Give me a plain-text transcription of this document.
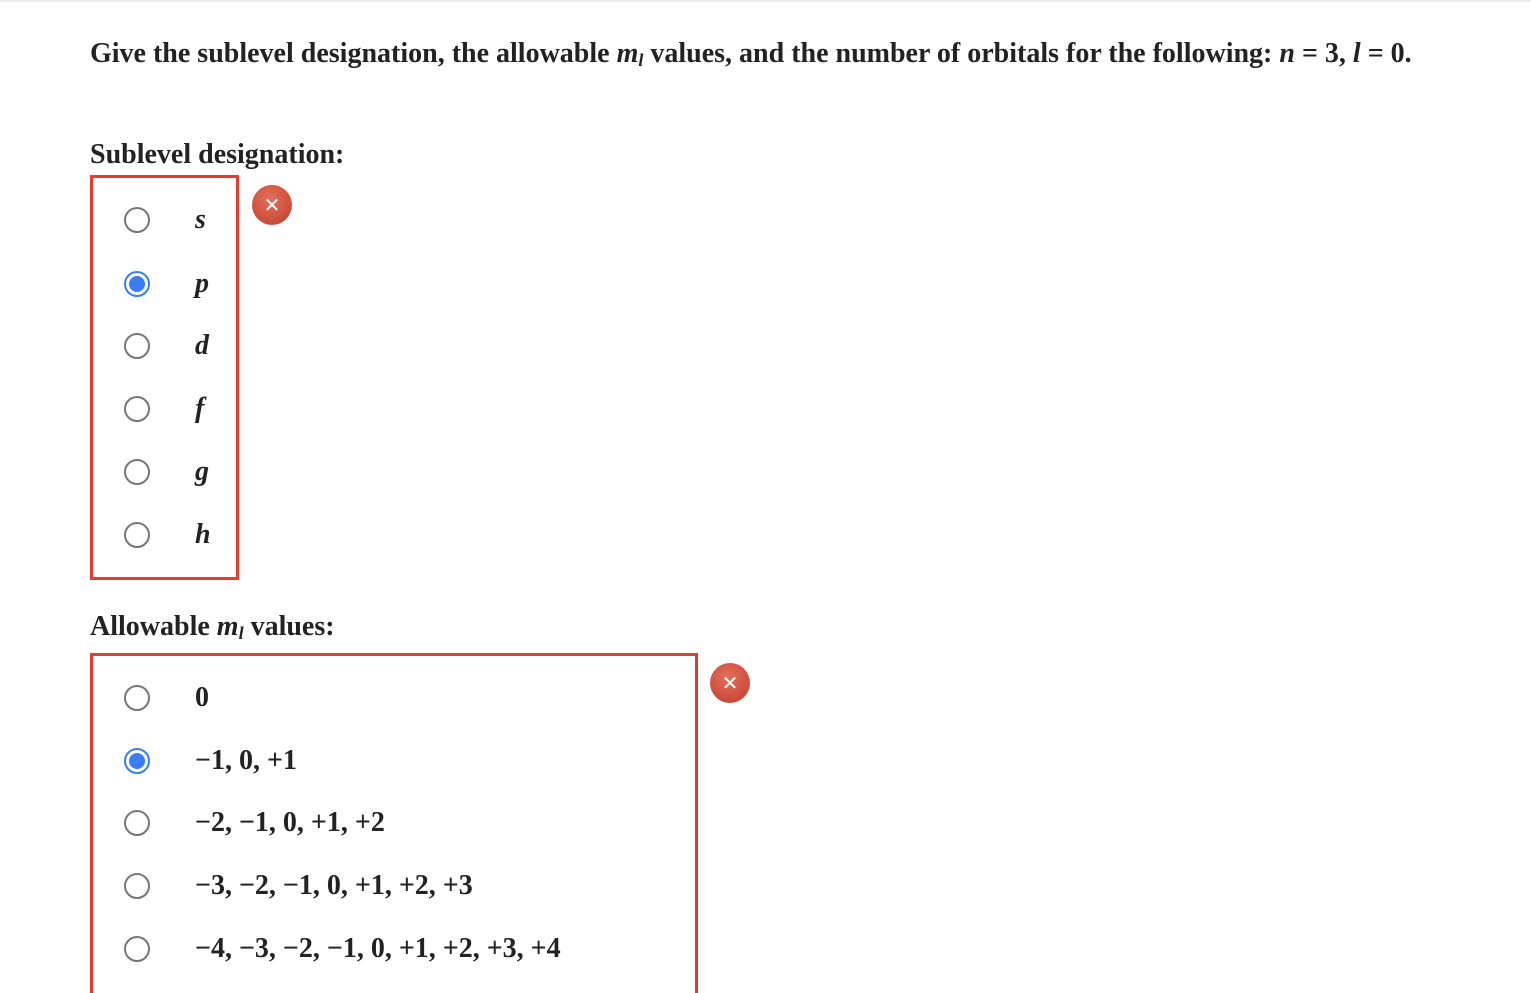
Give the sublevel designation, the allowable $m_l$ values, and the number of orbitals for the following: n = 3, l = 0.
Sublevel designation:
s
p
d
f
g
h
✕
Allowable $m_l$ values:
0
−1, 0, +1
−2, −1, 0, +1, +2
−3, −2, −1, 0, +1, +2, +3
−4, −3, −2, −1, 0, +1, +2, +3, +4
✕
